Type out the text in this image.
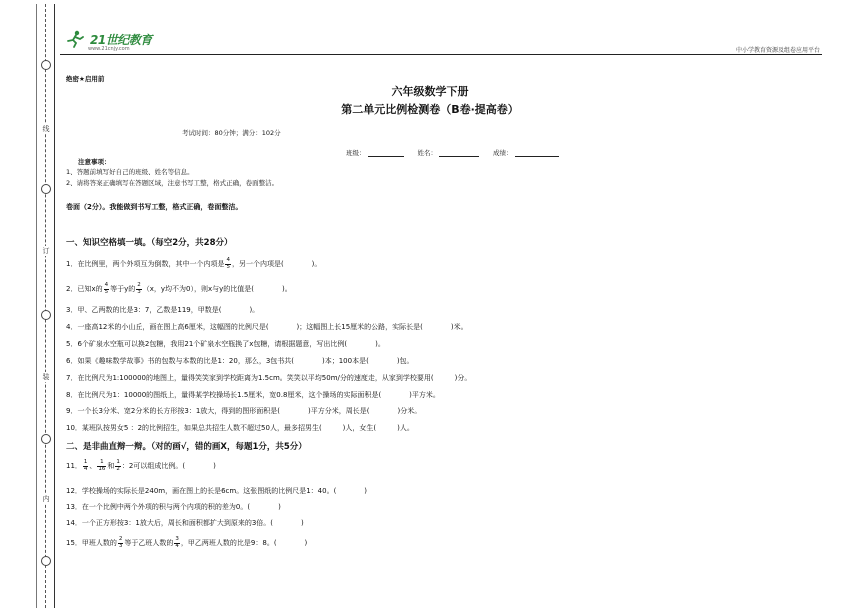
线
订
装
内
21世纪教育
www.21cnjy.com	中小学教育资源及组卷应用平台
绝密★启用前
六年级数学下册
第二单元比例检测卷（B卷·提高卷）
考试时间：80分钟；满分：102分
班级：	姓名：	成绩：
注意事项：
1、答题前填写好自己的班级、姓名等信息。
2、请将答案正确填写在答题区域，注意书写工整，格式正确，卷面整洁。
卷面（2分）。我能做到书写工整，格式正确，卷面整洁。
一、知识空格填一填。（每空2分，共28分）
1．在比例里，两个外项互为倒数，其中一个内项是 $\frac{4}{5}$ ，另一个内项是(　　　　)。
2．已知x的 $\frac{4}{5}$ 等于y的 $\frac{2}{3} (x$，y均不为0），则x与y的比值是(　　　　)。
3．甲、乙两数的比是3：7，乙数是119，甲数是(　　　　)。
4．一座高12米的小山丘，画在图上高6厘米，这幅图的比例尺是(　　　　)；这幅图上长15厘米的公路，实际长是(　　　　)米。
5．6个矿泉水空瓶可以换2包糖，我用21个矿泉水空瓶换了x包糖，请根据题意，写出比例(　　　　)。
6．如果《趣味数学故事》书的包数与本数的比是1：20，那么，3包书共(　　　　)本；100本是(　　　　)包。
7．在比例尺为1:100000的地图上，量得笑笑家到学校距离为1.5cm。笑笑以平均50m/分的速度走，从家到学校要用(　　　)分。
8．在比例尺为1：10000的图纸上，量得某学校操场长1.5厘米，宽0.8厘米，这个操场的实际面积是(　　　　)平方米。
9．一个长3分米、宽2分米的长方形按3：1放大，得到的图形面积是(　　　　)平方分米，周长是(　　　　)分米。
10．某班队按男女5 ：2的比例招生，如果总共招生人数不超过50人，最多招男生(　　　)人，女生(　　　)人。
二、是非曲直辩一辩。（对的画√，错的画X，每题1分，共5分）
11． $\frac{1}{4}$ 、 $\frac{1}{16}$ 和 $\frac{1}{2}$ ：2可以组成比例。(　　　　)
12．学校操场的实际长是240m，画在图上的长是6cm。这张图纸的比例尺是1：40。(　　　　)
13．在一个比例中两个外项的积与两个内项的积的差为0。(　　　　)
14．一个正方形按3：1放大后，周长和面积都扩大到原来的3倍。(　　　　)
15．甲班人数的 $\frac{2}{3}$ 等于乙班人数的 $\frac{3}{4}$ ，甲乙两班人数的比是9：8。(　　　　)
